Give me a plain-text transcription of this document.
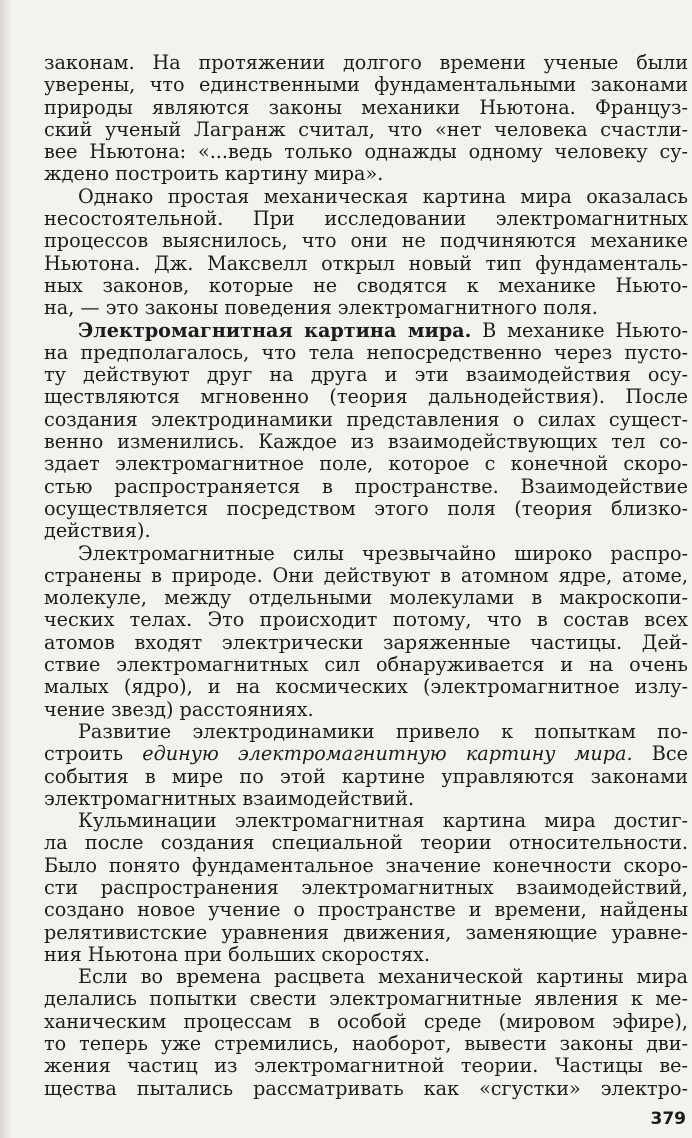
законам. На протяжении долгого времени ученые были
уверены, что единственными фундаментальными законами
природы являются законы механики Ньютона. Француз-
ский ученый Лагранж считал, что «нет человека счастли-
вее Ньютона: «...ведь только однажды одному человеку су-
ждено построить картину мира».
Однако простая механическая картина мира оказалась
несостоятельной. При исследовании электромагнитных
процессов выяснилось, что они не подчиняются механике
Ньютона. Дж. Максвелл открыл новый тип фундаменталь-
ных законов, которые не сводятся к механике Ньюто-
на, — это законы поведения электромагнитного поля.
Электромагнитная картина мира. В механике Ньюто-
на предполагалось, что тела непосредственно через пусто-
ту действуют друг на друга и эти взаимодействия осу-
ществляются мгновенно (теория дальнодействия). После
создания электродинамики представления о силах сущест-
венно изменились. Каждое из взаимодействующих тел со-
здает электромагнитное поле, которое с конечной скоро-
стью распространяется в пространстве. Взаимодействие
осуществляется посредством этого поля (теория близко-
действия).
Электромагнитные силы чрезвычайно широко распро-
странены в природе. Они действуют в атомном ядре, атоме,
молекуле, между отдельными молекулами в макроскопи-
ческих телах. Это происходит потому, что в состав всех
атомов входят электрически заряженные частицы. Дей-
ствие электромагнитных сил обнаруживается и на очень
малых (ядро), и на космических (электромагнитное излу-
чение звезд) расстояниях.
Развитие электродинамики привело к попыткам по-
строить единую электромагнитную картину мира. Все
события в мире по этой картине управляются законами
электромагнитных взаимодействий.
Кульминации электромагнитная картина мира достиг-
ла после создания специальной теории относительности.
Было понято фундаментальное значение конечности скоро-
сти распространения электромагнитных взаимодействий,
создано новое учение о пространстве и времени, найдены
релятивистские уравнения движения, заменяющие уравне-
ния Ньютона при больших скоростях.
Если во времена расцвета механической картины мира
делались попытки свести электромагнитные явления к ме-
ханическим процессам в особой среде (мировом эфире),
то теперь уже стремились, наоборот, вывести законы дви-
жения частиц из электромагнитной теории. Частицы ве-
щества пытались рассматривать как «сгустки» электро-
379
